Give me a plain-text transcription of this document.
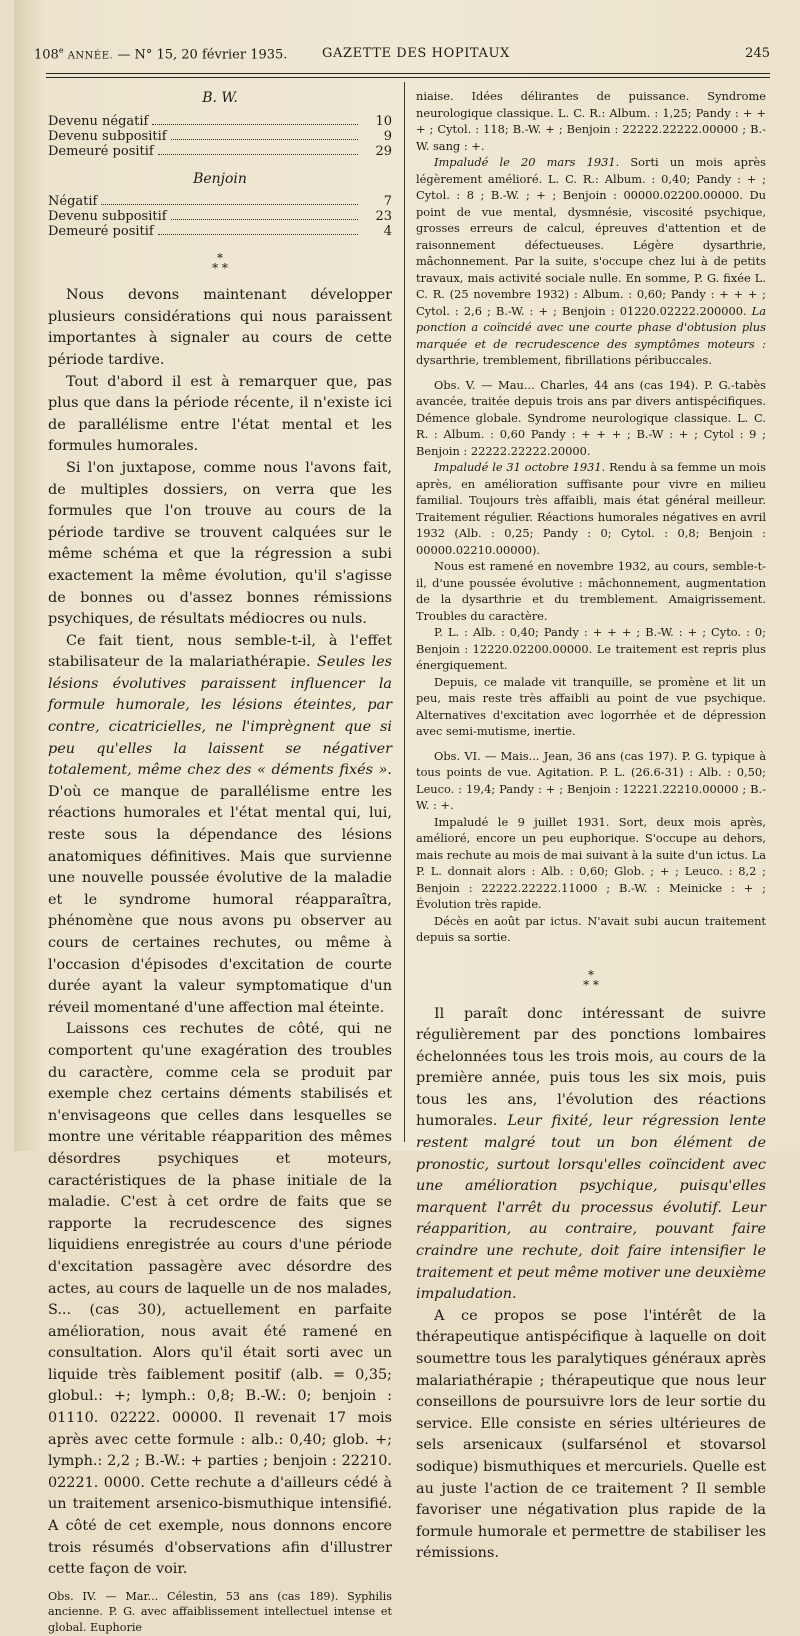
108e ANNÉE. — N° 15, 20 février 1935.	GAZETTE DES HOPITAUX	245
B. W.
Devenu négatif	10
Devenu subpositif	9
Demeuré positif	29
Benjoin
Négatif	7
Devenu subpositif	23
Demeuré positif	4
*
* *

Nous devons maintenant développer plusieurs considérations qui nous paraissent importantes à signaler au cours de cette période tardive.

Tout d'abord il est à remarquer que, pas plus que dans la période récente, il n'existe ici de parallélisme entre l'état mental et les formules humorales.

Si l'on juxtapose, comme nous l'avons fait, de multiples dossiers, on verra que les formules que l'on trouve au cours de la période tardive se trouvent calquées sur le même schéma et que la régression a subi exactement la même évolution, qu'il s'agisse de bonnes ou d'assez bonnes rémissions psychiques, de résultats médiocres ou nuls.

Ce fait tient, nous semble-t-il, à l'effet stabilisateur de la malariathérapie. Seules les lésions évolutives paraissent influencer la formule humorale, les lésions éteintes, par contre, cicatricielles, ne l'imprègnent que si peu qu'elles la laissent se négativer totalement, même chez des « déments fixés ». D'où ce manque de parallélisme entre les réactions humorales et l'état mental qui, lui, reste sous la dépendance des lésions anatomiques définitives. Mais que survienne une nouvelle poussée évolutive de la maladie et le syndrome humoral réapparaîtra, phénomène que nous avons pu observer au cours de certaines rechutes, ou même à l'occasion d'épisodes d'excitation de courte durée ayant la valeur symptomatique d'un réveil momentané d'une affection mal éteinte.

Laissons ces rechutes de côté, qui ne comportent qu'une exagération des troubles du caractère, comme cela se produit par exemple chez certains déments stabilisés et n'envisageons que celles dans lesquelles se montre une véritable réapparition des mêmes désordres psychiques et moteurs, caractéristiques de la phase initiale de la maladie. C'est à cet ordre de faits que se rapporte la recrudescence des signes liquidiens enregistrée au cours d'une période d'excitation passagère avec désordre des actes, au cours de laquelle un de nos malades, S... (cas 30), actuellement en parfaite amélioration, nous avait été ramené en consultation. Alors qu'il était sorti avec un liquide très faiblement positif (alb. = 0,35; globul.: +; lymph.: 0,8; B.-W.: 0; benjoin : 01110. 02222. 00000. Il revenait 17 mois après avec cette formule : alb.: 0,40; glob. +; lymph.: 2,2 ; B.-W.: + parties ; benjoin : 22210. 02221. 0000. Cette rechute a d'ailleurs cédé à un traitement arsenico-bismuthique intensifié. A côté de cet exemple, nous donnons encore trois résumés d'observations afin d'illustrer cette façon de voir.

Obs. IV. — Mar... Célestin, 53 ans (cas 189). Syphilis ancienne. P. G. avec affaiblissement intellectuel intense et global. Euphorie

niaise. Idées délirantes de puissance. Syndrome neurologique classique. L. C. R.: Album. : 1,25; Pandy : + + + ; Cytol. : 118; B.-W. + ; Benjoin : 22222.22222.00000 ; B.-W. sang : +.

Impaludé le 20 mars 1931. Sorti un mois après légèrement amélioré. L. C. R.: Album. : 0,40; Pandy : + ; Cytol. : 8 ; B.-W. ; + ; Benjoin : 00000.02200.00000. Du point de vue mental, dysmnésie, viscosité psychique, grosses erreurs de calcul, épreuves d'attention et de raisonnement défectueuses. Légère dysarthrie, mâchonnement. Par la suite, s'occupe chez lui à de petits travaux, mais activité sociale nulle. En somme, P. G. fixée L. C. R. (25 novembre 1932) : Album. : 0,60; Pandy : + + + ; Cytol. : 2,6 ; B.-W. : + ; Benjoin : 01220.02222.200000. La ponction a coïncidé avec une courte phase d'obtusion plus marquée et de recrudescence des symptômes moteurs : dysarthrie, tremblement, fibrillations péribuccales.

Obs. V. — Mau... Charles, 44 ans (cas 194). P. G.-tabès avancée, traitée depuis trois ans par divers antispécifiques. Démence globale. Syndrome neurologique classique. L. C. R. : Album. : 0,60 Pandy : + + + ; B.-W : + ; Cytol : 9 ; Benjoin : 22222.22222.20000.

Impaludé le 31 octobre 1931. Rendu à sa femme un mois après, en amélioration suffisante pour vivre en milieu familial. Toujours très affaibli, mais état général meilleur. Traitement régulier. Réactions humorales négatives en avril 1932 (Alb. : 0,25; Pandy : 0; Cytol. : 0,8; Benjoin : 00000.02210.00000).

Nous est ramené en novembre 1932, au cours, semble-t-il, d'une poussée évolutive : mâchonnement, augmentation de la dysarthrie et du tremblement. Amaigrissement. Troubles du caractère.

P. L. : Alb. : 0,40; Pandy : + + + ; B.-W. : + ; Cyto. : 0; Benjoin : 12220.02200.00000. Le traitement est repris plus énergiquement.

Depuis, ce malade vit tranquille, se promène et lit un peu, mais reste très affaibli au point de vue psychique. Alternatives d'excitation avec logorrhée et de dépression avec semi-mutisme, inertie.

Obs. VI. — Mais... Jean, 36 ans (cas 197). P. G. typique à tous points de vue. Agitation. P. L. (26.6-31) : Alb. : 0,50; Leuco. : 19,4; Pandy : + ; Benjoin : 12221.22210.00000 ; B.-W. : +.

Impaludé le 9 juillet 1931. Sort, deux mois après, amélioré, encore un peu euphorique. S'occupe au dehors, mais rechute au mois de mai suivant à la suite d'un ictus. La P. L. donnait alors : Alb. : 0,60; Glob. ; + ; Leuco. : 8,2 ; Benjoin : 22222.22222.11000 ; B.-W. : Meinicke : + ; Évolution très rapide.

Décès en août par ictus. N'avait subi aucun traitement depuis sa sortie.

*
* *

Il paraît donc intéressant de suivre régulièrement par des ponctions lombaires échelonnées tous les trois mois, au cours de la première année, puis tous les six mois, puis tous les ans, l'évolution des réactions humorales. Leur fixité, leur régression lente restent malgré tout un bon élément de pronostic, surtout lorsqu'elles coïncident avec une amélioration psychique, puisqu'elles marquent l'arrêt du processus évolutif. Leur réapparition, au contraire, pouvant faire craindre une rechute, doit faire intensifier le traitement et peut même motiver une deuxième impaludation.

A ce propos se pose l'intérêt de la thérapeutique antispécifique à laquelle on doit soumettre tous les paralytiques généraux après malariathérapie ; thérapeutique que nous leur conseillons de poursuivre lors de leur sortie du service. Elle consiste en séries ultérieures de sels arsenicaux (sulfarsénol et stovarsol sodique) bismuthiques et mercuriels. Quelle est au juste l'action de ce traitement ? Il semble favoriser une négativation plus rapide de la formule humorale et permettre de stabiliser les rémissions.
